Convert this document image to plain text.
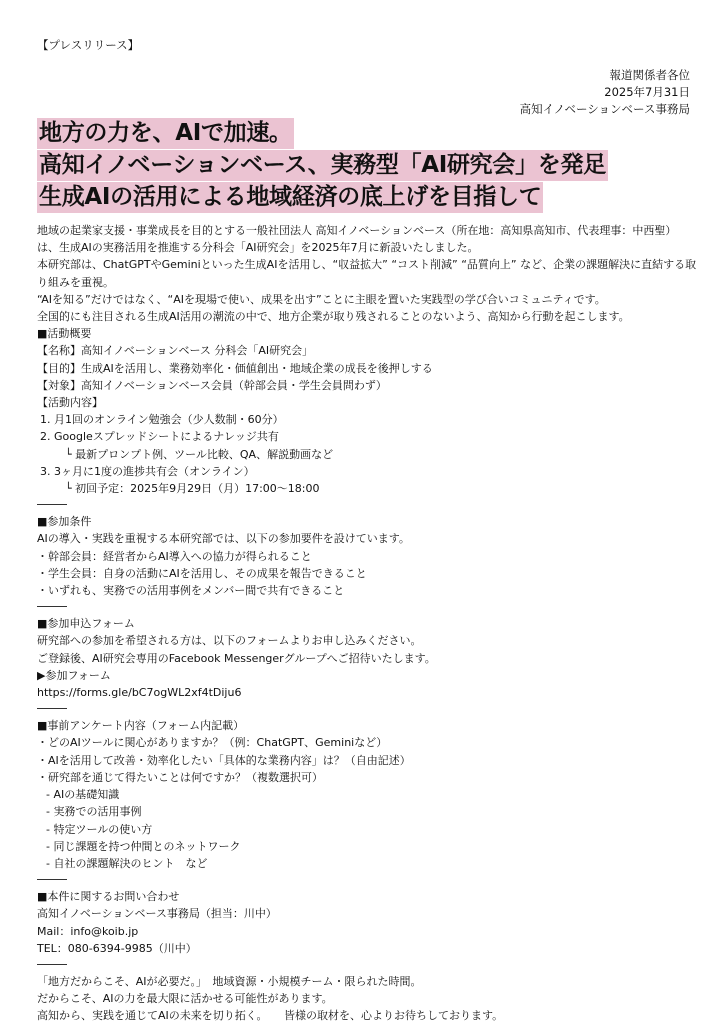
【プレスリリース】
報道関係者各位
2025年7月31日
高知イノベーションベース事務局
地方の力を、AIで加速。
高知イノベーションベース、実務型「AI研究会」を発足
生成AIの活用による地域経済の底上げを目指して

地域の起業家支援・事業成長を目的とする一般社団法人 高知イノベーションベース（所在地：高知県高知市、代表理事：中西聖）は、生成AIの実務活用を推進する分科会「AI研究会」を2025年7月に新設いたしました。

本研究部は、ChatGPTやGeminiといった生成AIを活用し、“収益拡大” “コスト削減” “品質向上” など、企業の課題解決に直結する取り組みを重視。

“AIを知る”だけではなく、“AIを現場で使い、成果を出す”ことに主眼を置いた実践型の学び合いコミュニティです。

全国的にも注目される生成AI活用の潮流の中で、地方企業が取り残されることのないよう、高知から行動を起こします。

■活動概要

【名称】高知イノベーションベース 分科会「AI研究会」

【目的】生成AIを活用し、業務効率化・価値創出・地域企業の成長を後押しする

【対象】高知イノベーションベース会員（幹部会員・学生会員問わず）

【活動内容】

1. 月1回のオンライン勉強会（少人数制・60分）

2. Googleスプレッドシートによるナレッジ共有

└ 最新プロンプト例、ツール比較、QA、解説動画など

3. 3ヶ月に1度の進捗共有会（オンライン）

└ 初回予定：2025年9月29日（月）17:00〜18:00

■参加条件

AIの導入・実践を重視する本研究部では、以下の参加要件を設けています。

・幹部会員：経営者からAI導入への協力が得られること

・学生会員：自身の活動にAIを活用し、その成果を報告できること

・いずれも、実務での活用事例をメンバー間で共有できること

■参加申込フォーム

研究部への参加を希望される方は、以下のフォームよりお申し込みください。

ご登録後、AI研究会専用のFacebook Messengerグループへご招待いたします。

▶参加フォーム

https://forms.gle/bC7ogWL2xf4tDiju6

■事前アンケート内容（フォーム内記載）

・どのAIツールに関心がありますか？（例：ChatGPT、Geminiなど）

・AIを活用して改善・効率化したい「具体的な業務内容」は？（自由記述）

・研究部を通じて得たいことは何ですか？（複数選択可）

- AIの基礎知識

- 実務での活用事例

- 特定ツールの使い方

- 同じ課題を持つ仲間とのネットワーク

- 自社の課題解決のヒント　など

■本件に関するお問い合わせ

高知イノベーションベース事務局（担当：川中）

Mail：info@koib.jp

TEL：080-6394-9985（川中）

「地方だからこそ、AIが必要だ。」　地域資源・小規模チーム・限られた時間。

だからこそ、AIの力を最大限に活かせる可能性があります。

高知から、実践を通じてAIの未来を切り拓く。　　皆様の取材を、心よりお待ちしております。
